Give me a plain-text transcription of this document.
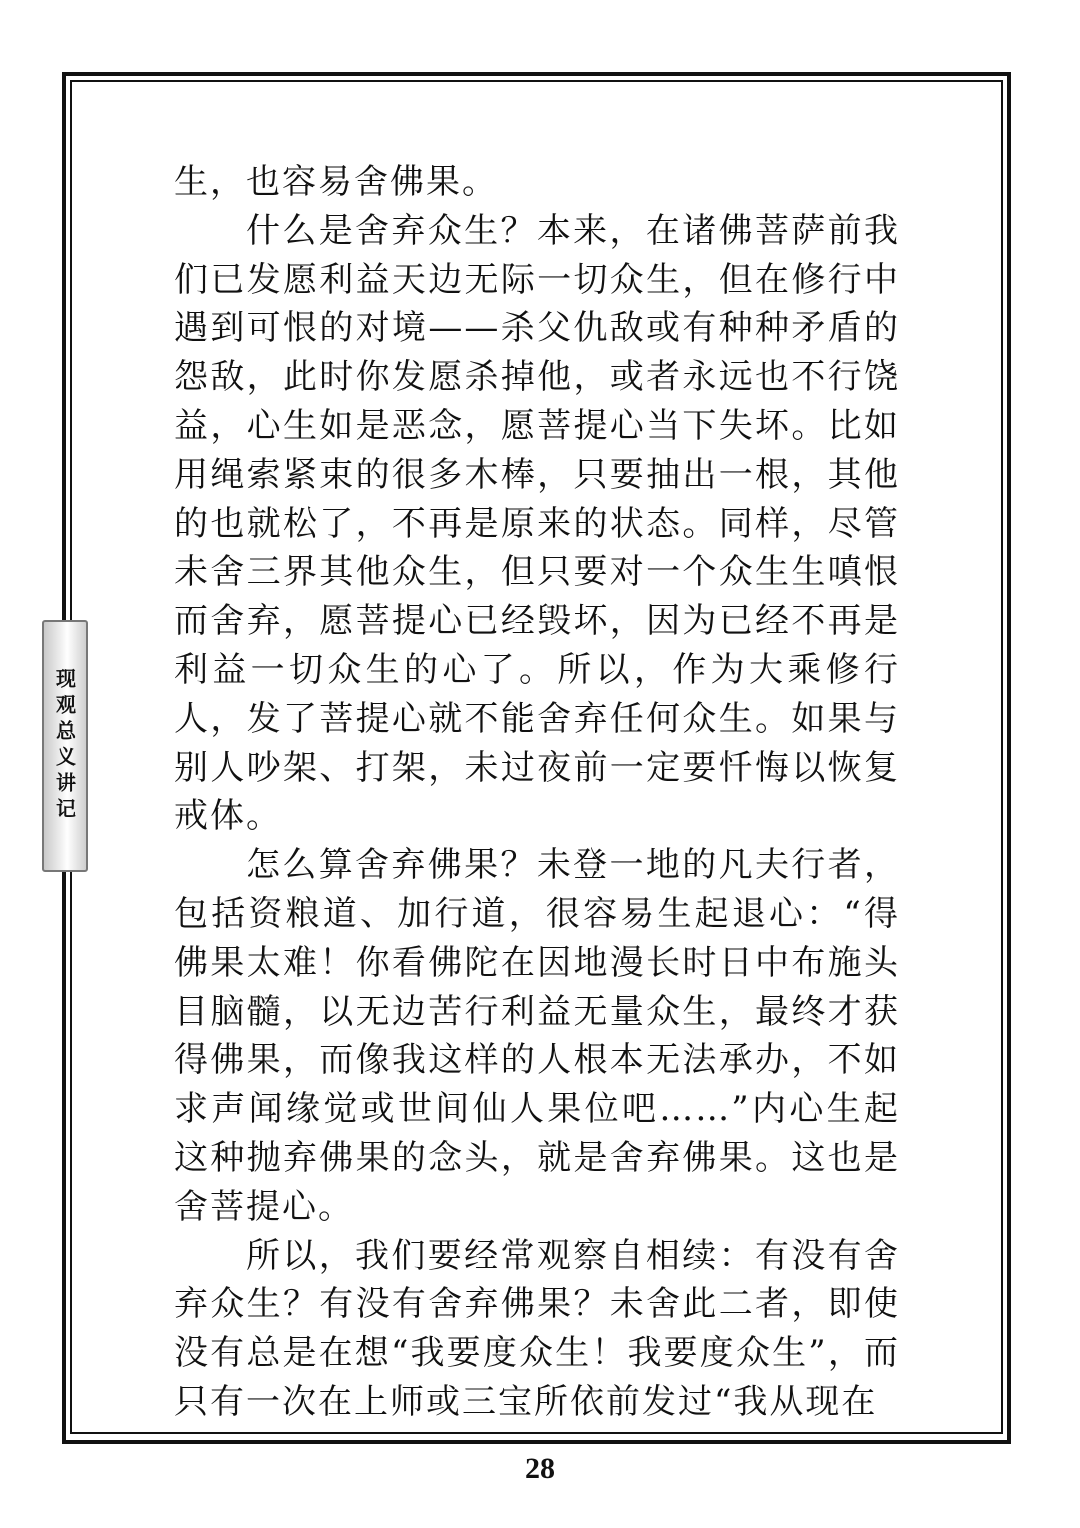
现观总义讲记

生，也容易舍佛果。

什么是舍弃众生？本来，在诸佛菩萨前我们已发愿利益天边无际一切众生，但在修行中遇到可恨的对境——杀父仇敌或有种种矛盾的怨敌，此时你发愿杀掉他，或者永远也不行饶益，心生如是恶念，愿菩提心当下失坏。比如用绳索紧束的很多木棒，只要抽出一根，其他的也就松了，不再是原来的状态。同样，尽管未舍三界其他众生，但只要对一个众生生嗔恨而舍弃，愿菩提心已经毁坏，因为已经不再是利益一切众生的心了。所以，作为大乘修行人，发了菩提心就不能舍弃任何众生。如果与别人吵架、打架，未过夜前一定要忏悔以恢复戒体。

怎么算舍弃佛果？未登一地的凡夫行者，包括资粮道、加行道，很容易生起退心：“得佛果太难！你看佛陀在因地漫长时日中布施头目脑髓，以无边苦行利益无量众生，最终才获得佛果，而像我这样的人根本无法承办，不如求声闻缘觉或世间仙人果位吧……”内心生起这种抛弃佛果的念头，就是舍弃佛果。这也是舍菩提心。

所以，我们要经常观察自相续：有没有舍弃众生？有没有舍弃佛果？未舍此二者，即使没有总是在想“我要度众生！我要度众生”，而只有一次在上师或三宝所依前发过“我从现在

28
